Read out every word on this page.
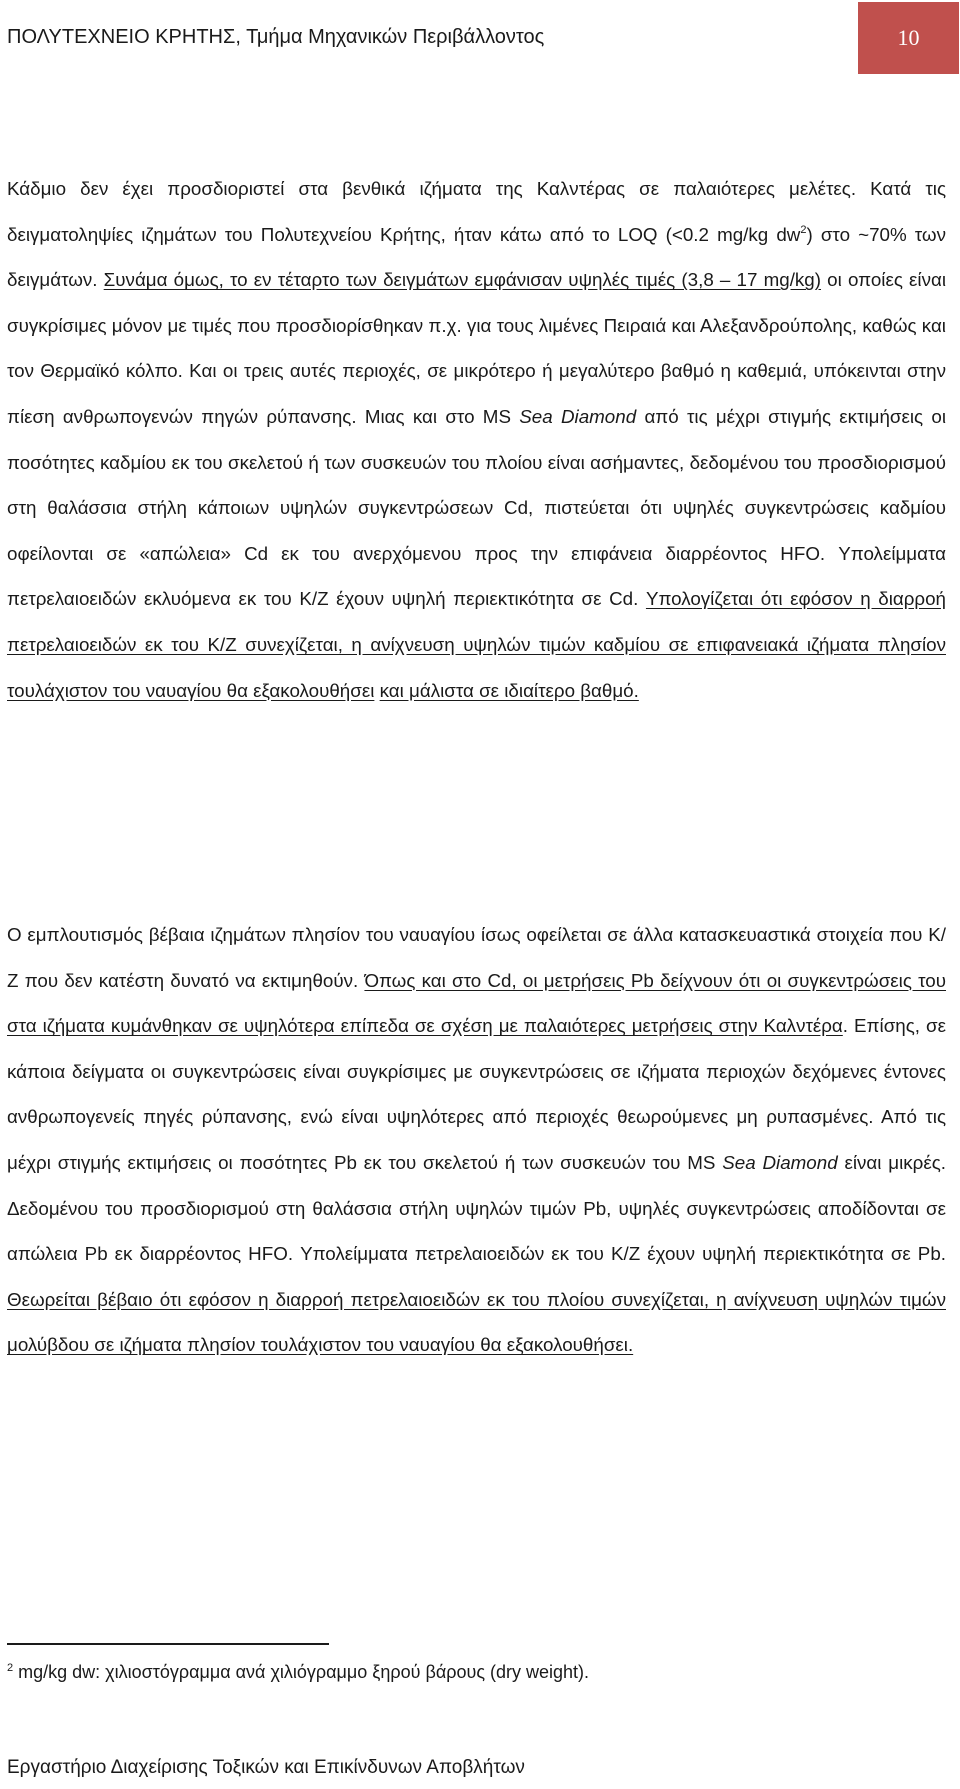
ΠΟΛΥΤΕΧΝΕΙΟ ΚΡΗΤΗΣ, Τμήμα Μηχανικών Περιβάλλοντος	10

Κάδμιο δεν έχει προσδιοριστεί στα βενθικά ιζήματα της Καλντέρας σε παλαιότερες μελέτες. Κατά τις δειγματοληψίες ιζημάτων του Πολυτεχνείου Κρήτης, ήταν κάτω από το LOQ (<0.2 mg/kg $dw^2$) στο ~70% των δειγμάτων. Συνάμα όμως, το εν τέταρτο των δειγμάτων εμφάνισαν υψηλές τιμές (3,8 – 17 mg/kg) οι οποίες είναι συγκρίσιμες μόνον με τιμές που προσδιορίσθηκαν π.χ. για τους λιμένες Πειραιά και Αλεξανδρούπολης, καθώς και τον Θερμαϊκό κόλπο. Και οι τρεις αυτές περιοχές, σε μικρότερο ή μεγαλύτερο βαθμό η καθεμιά, υπόκεινται στην πίεση ανθρωπογενών πηγών ρύπανσης. Μιας και στο MS Sea Diamond από τις μέχρι στιγμής εκτιμήσεις οι ποσότητες καδμίου εκ του σκελετού ή των συσκευών του πλοίου είναι ασήμαντες, δεδομένου του προσδιορισμού στη θαλάσσια στήλη κάποιων υψηλών συγκεντρώσεων Cd, πιστεύεται ότι υψηλές συγκεντρώσεις καδμίου οφείλονται σε «απώλεια» Cd εκ του ανερχόμενου προς την επιφάνεια διαρρέοντος HFO. Υπολείμματα πετρελαιοειδών εκλυόμενα εκ του Κ/Ζ έχουν υψηλή περιεκτικότητα σε Cd. Υπολογίζεται ότι εφόσον η διαρροή πετρελαιοειδών εκ του Κ/Ζ συνεχίζεται, η ανίχνευση υψηλών τιμών καδμίου σε επιφανειακά ιζήματα πλησίον τουλάχιστον του ναυαγίου θα εξακολουθήσει και μάλιστα σε ιδιαίτερο βαθμό.

Ο εμπλουτισμός βέβαια ιζημάτων πλησίον του ναυαγίου ίσως οφείλεται σε άλλα κατασκευαστικά στοιχεία που Κ/Ζ που δεν κατέστη δυνατό να εκτιμηθούν. Όπως και στο Cd, οι μετρήσεις Pb δείχνουν ότι οι συγκεντρώσεις του στα ιζήματα κυμάνθηκαν σε υψηλότερα επίπεδα σε σχέση με παλαιότερες μετρήσεις στην Καλντέρα. Επίσης, σε κάποια δείγματα οι συγκεντρώσεις είναι συγκρίσιμες με συγκεντρώσεις σε ιζήματα περιοχών δεχόμενες έντονες ανθρωπογενείς πηγές ρύπανσης, ενώ είναι υψηλότερες από περιοχές θεωρούμενες μη ρυπασμένες. Από τις μέχρι στιγμής εκτιμήσεις οι ποσότητες Pb εκ του σκελετού ή των συσκευών του MS Sea Diamond είναι μικρές. Δεδομένου του προσδιορισμού στη θαλάσσια στήλη υψηλών τιμών Pb, υψηλές συγκεντρώσεις αποδίδονται σε απώλεια Pb εκ διαρρέοντος HFO. Υπολείμματα πετρελαιοειδών εκ του Κ/Ζ έχουν υψηλή περιεκτικότητα σε Pb. Θεωρείται βέβαιο ότι εφόσον η διαρροή πετρελαιοειδών εκ του πλοίου συνεχίζεται, η ανίχνευση υψηλών τιμών μολύβδου σε ιζήματα πλησίον τουλάχιστον του ναυαγίου θα εξακολουθήσει.

$^2$ mg/kg dw: χιλιοστόγραμμα ανά χιλιόγραμμο ξηρού βάρους (dry weight).
Εργαστήριο Διαχείρισης Τοξικών και Επικίνδυνων Αποβλήτων
